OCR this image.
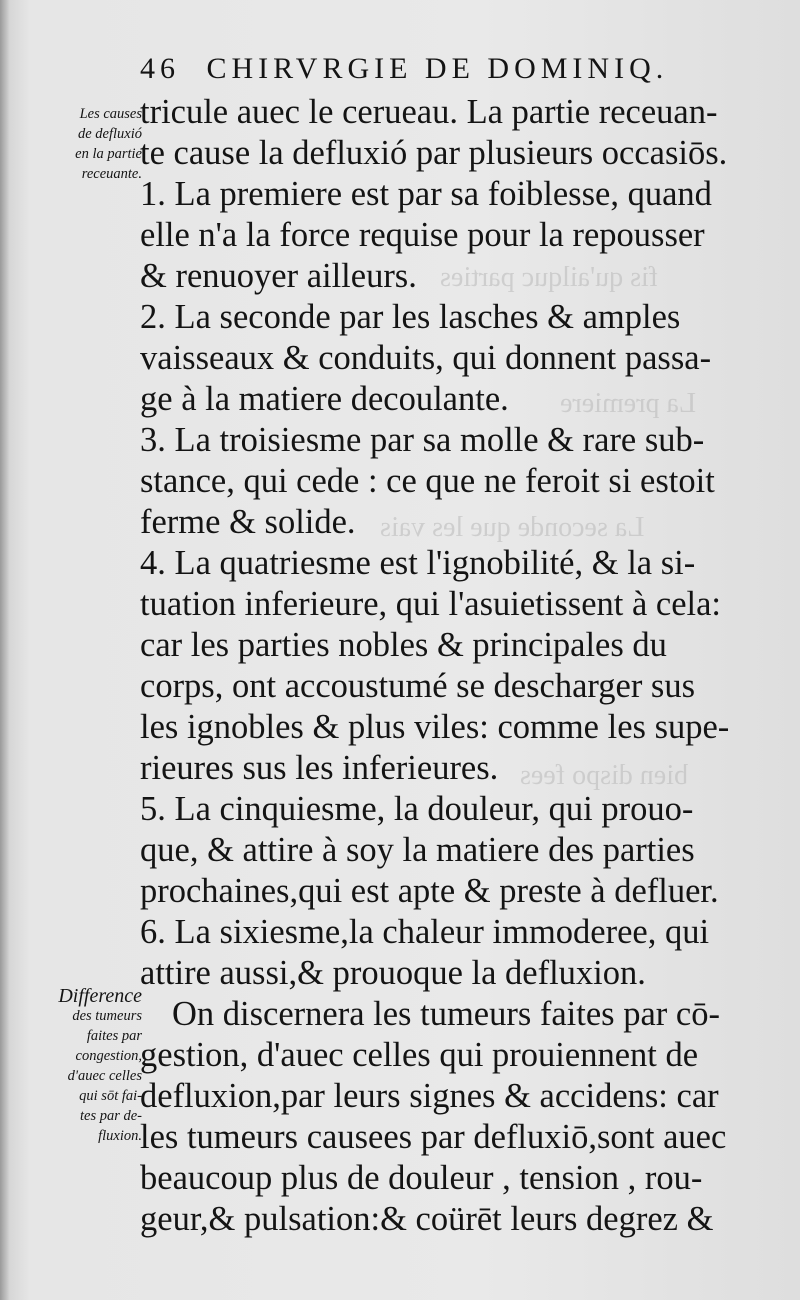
fis qu'ailquc parties
La premiere
La seconde que les vais
bien dispo fees
46 CHIRVRGIE DE DOMINIQ.
Les causes
de defluxió
en la partie
receuante.
Difference
des tumeurs
faites par
congestion,
d'auec celles
qui sōt fai-
tes par de-
fluxion.
tricule auec le cerueau. La partie receuan-
te cause la defluxió par plusieurs occasiōs.
1. La premiere est par sa foiblesse, quand
elle n'a la force requise pour la repousser
& renuoyer ailleurs.
2. La seconde par les lasches & amples
vaisseaux & conduits, qui donnent passa-
ge à la matiere decoulante.
3. La troisiesme par sa molle & rare sub-
stance, qui cede : ce que ne feroit si estoit
ferme & solide.
4. La quatriesme est l'ignobilité, & la si-
tuation inferieure, qui l'asuietissent à cela:
car les parties nobles & principales du
corps, ont accoustumé se descharger sus
les ignobles & plus viles: comme les supe-
rieures sus les inferieures.
5. La cinquiesme, la douleur, qui prouo-
que, & attire à soy la matiere des parties
prochaines,qui est apte & preste à defluer.
6. La sixiesme,la chaleur immoderee, qui
attire aussi,& prouoque la defluxion.
On discernera les tumeurs faites par cō-
gestion, d'auec celles qui prouiennent de
defluxion,par leurs signes & accidens: car
les tumeurs causees par defluxiō,sont auec
beaucoup plus de douleur , tension , rou-
geur,& pulsation:& coürēt leurs degrez &
